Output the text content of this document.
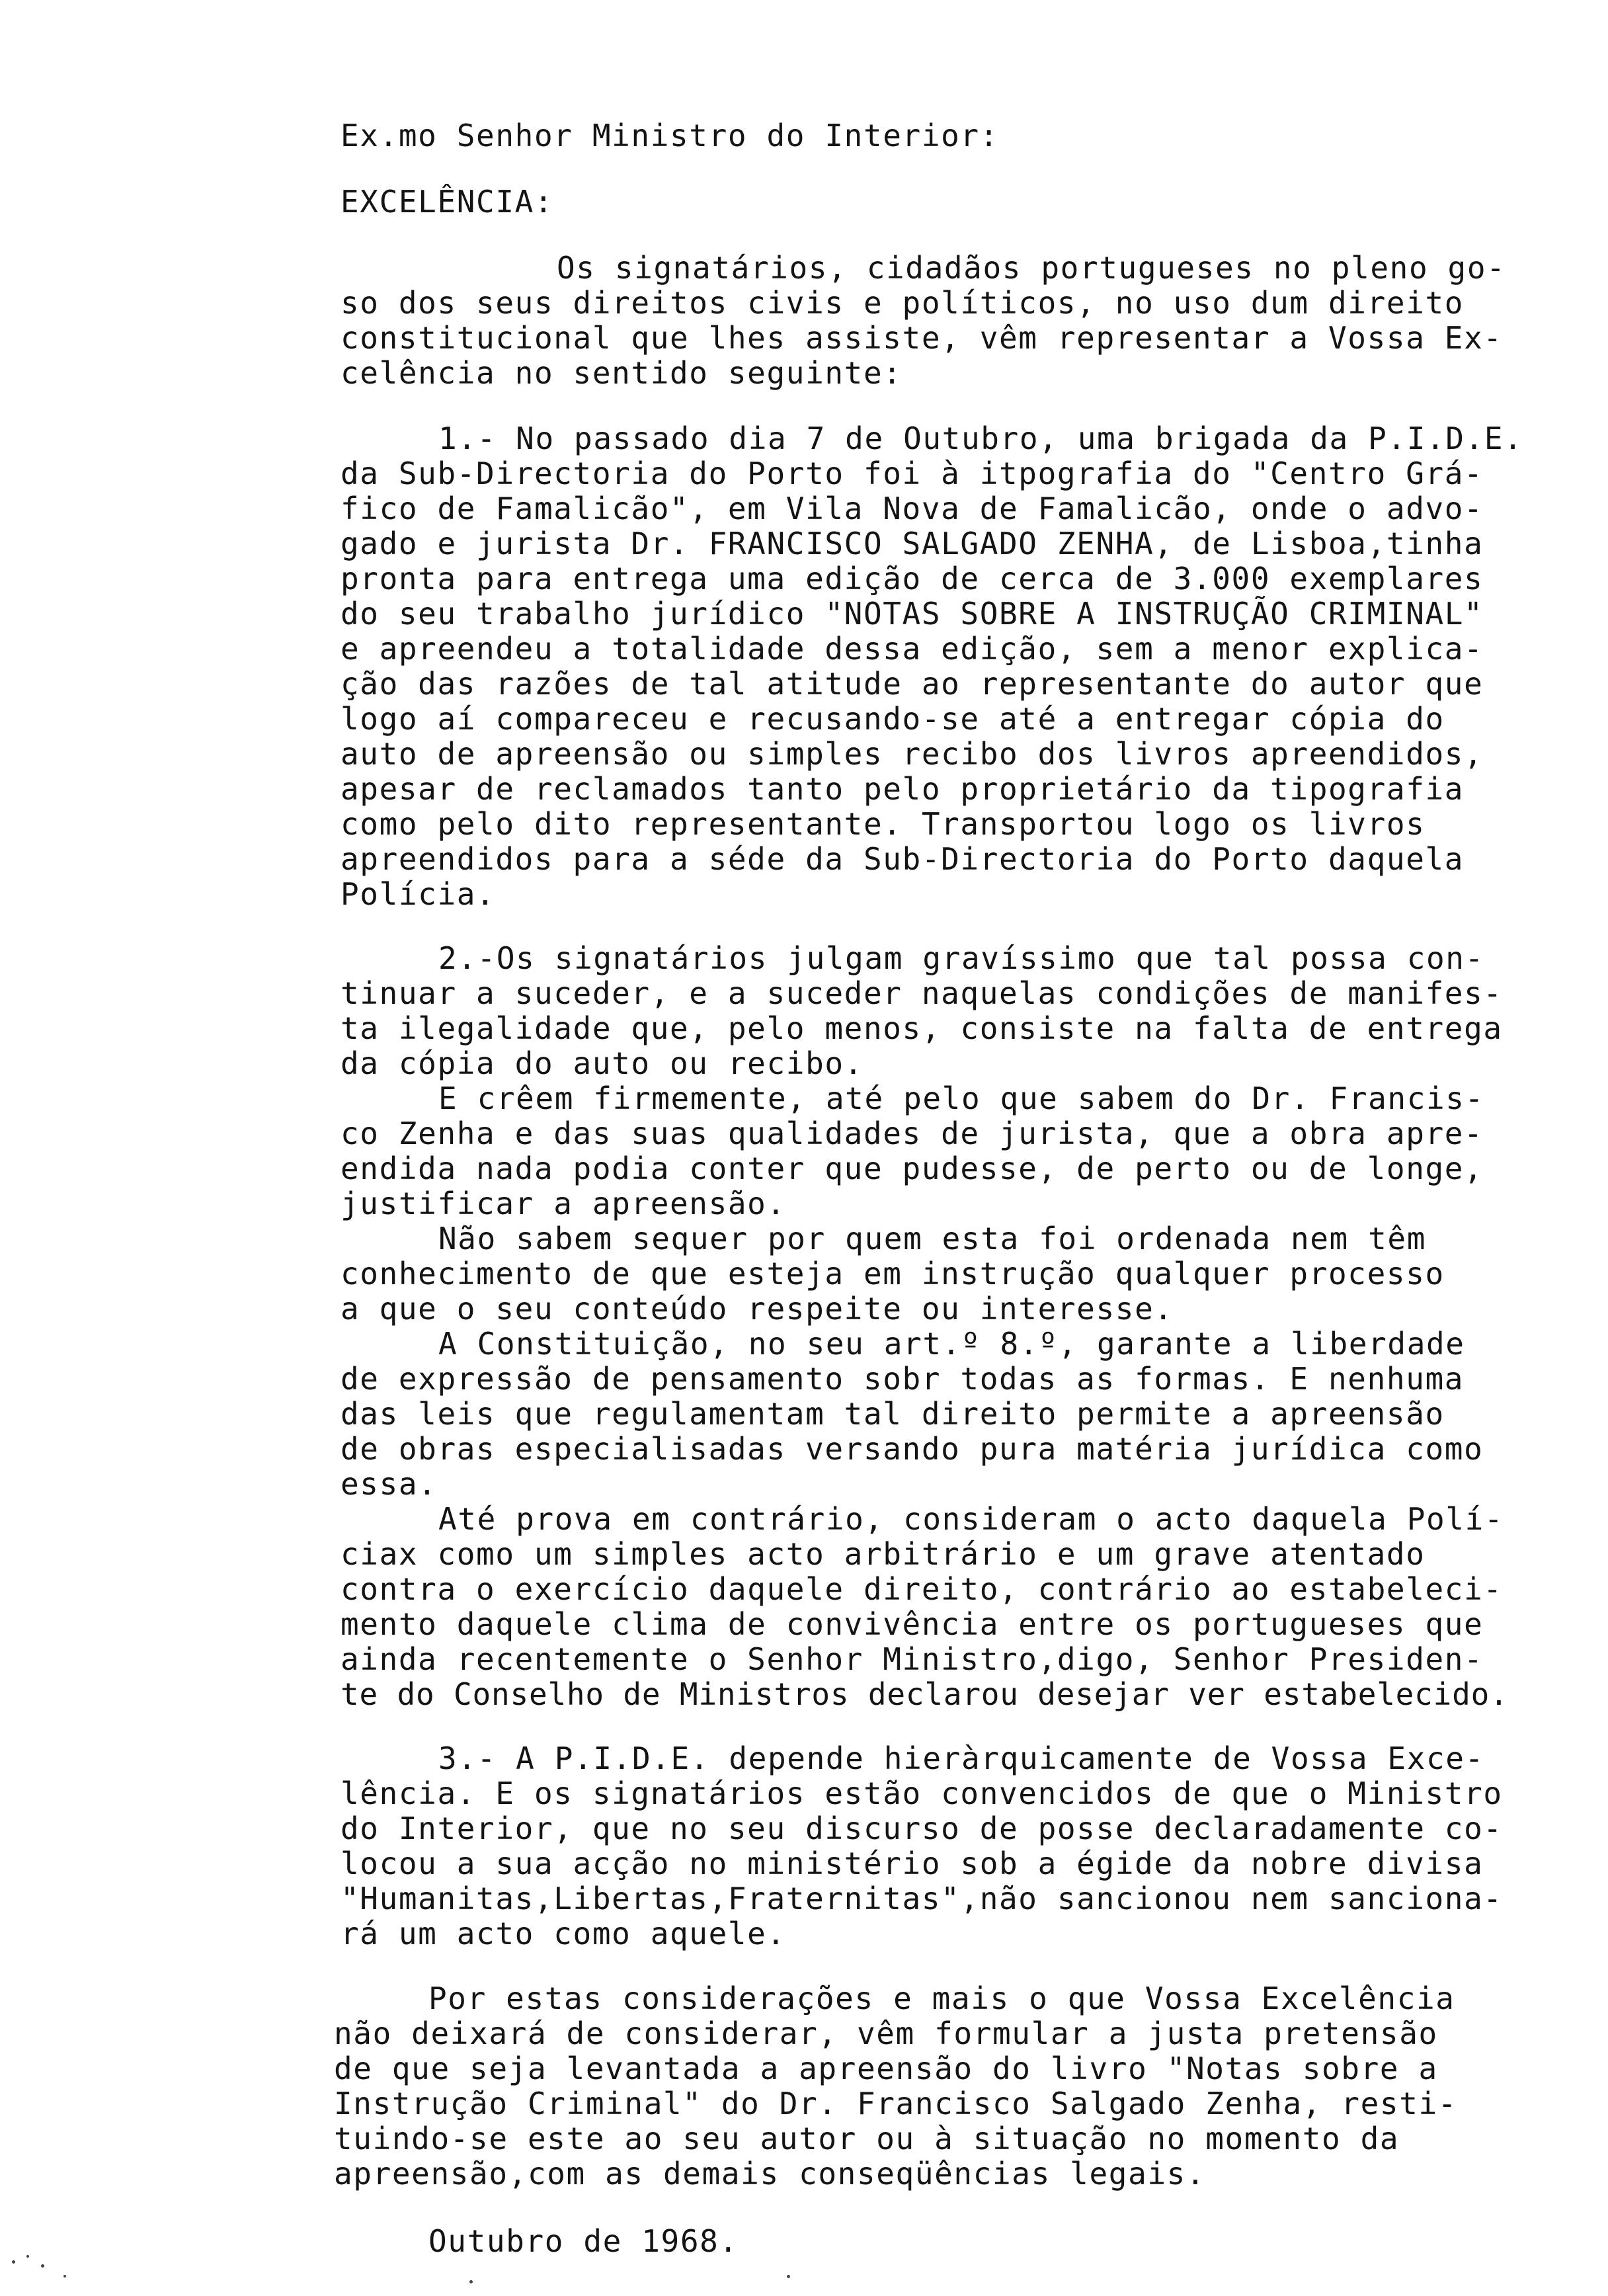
Ex.mo Senhor Ministro do Interior:
EXCELÊNCIA:
Os signatários, cidadãos portugueses no pleno go-
so dos seus direitos civis e políticos, no uso dum direito
constitucional que lhes assiste, vêm representar a Vossa Ex-
celência no sentido seguinte:
1.- No passado dia 7 de Outubro, uma brigada da P.I.D.E.
da Sub-Directoria do Porto foi à itpografia do "Centro Grá-
fico de Famalicão", em Vila Nova de Famalicão, onde o advo-
gado e jurista Dr. FRANCISCO SALGADO ZENHA, de Lisboa,tinha
pronta para entrega uma edição de cerca de 3.000 exemplares
do seu trabalho jurídico "NOTAS SOBRE A INSTRUÇÃO CRIMINAL"
e apreendeu a totalidade dessa edição, sem a menor explica-
ção das razões de tal atitude ao representante do autor que
logo aí compareceu e recusando-se até a entregar cópia do
auto de apreensão ou simples recibo dos livros apreendidos,
apesar de reclamados tanto pelo proprietário da tipografia
como pelo dito representante. Transportou logo os livros
apreendidos para a séde da Sub-Directoria do Porto daquela
Polícia.
2.-Os signatários julgam gravíssimo que tal possa con-
tinuar a suceder, e a suceder naquelas condições de manifes-
ta ilegalidade que, pelo menos, consiste na falta de entrega
da cópia do auto ou recibo.
E crêem firmemente, até pelo que sabem do Dr. Francis-
co Zenha e das suas qualidades de jurista, que a obra apre-
endida nada podia conter que pudesse, de perto ou de longe,
justificar a apreensão.
Não sabem sequer por quem esta foi ordenada nem têm
conhecimento de que esteja em instrução qualquer processo
a que o seu conteúdo respeite ou interesse.
A Constituição, no seu art.º 8.º, garante a liberdade
de expressão de pensamento sobr todas as formas. E nenhuma
das leis que regulamentam tal direito permite a apreensão
de obras especialisadas versando pura matéria jurídica como
essa.
Até prova em contrário, consideram o acto daquela Polí-
ciax como um simples acto arbitrário e um grave atentado
contra o exercício daquele direito, contrário ao estabeleci-
mento daquele clima de convivência entre os portugueses que
ainda recentemente o Senhor Ministro,digo, Senhor Presiden-
te do Conselho de Ministros declarou desejar ver estabelecido.
3.- A P.I.D.E. depende hieràrquicamente de Vossa Exce-
lência. E os signatários estão convencidos de que o Ministro
do Interior, que no seu discurso de posse declaradamente co-
locou a sua acção no ministério sob a égide da nobre divisa
"Humanitas,Libertas,Fraternitas",não sancionou nem sanciona-
rá um acto como aquele.
Por estas considerações e mais o que Vossa Excelência
não deixará de considerar, vêm formular a justa pretensão
de que seja levantada a apreensão do livro "Notas sobre a
Instrução Criminal" do Dr. Francisco Salgado Zenha, resti-
tuindo-se este ao seu autor ou à situação no momento da
apreensão,com as demais conseqüências legais.
Outubro de 1968.
